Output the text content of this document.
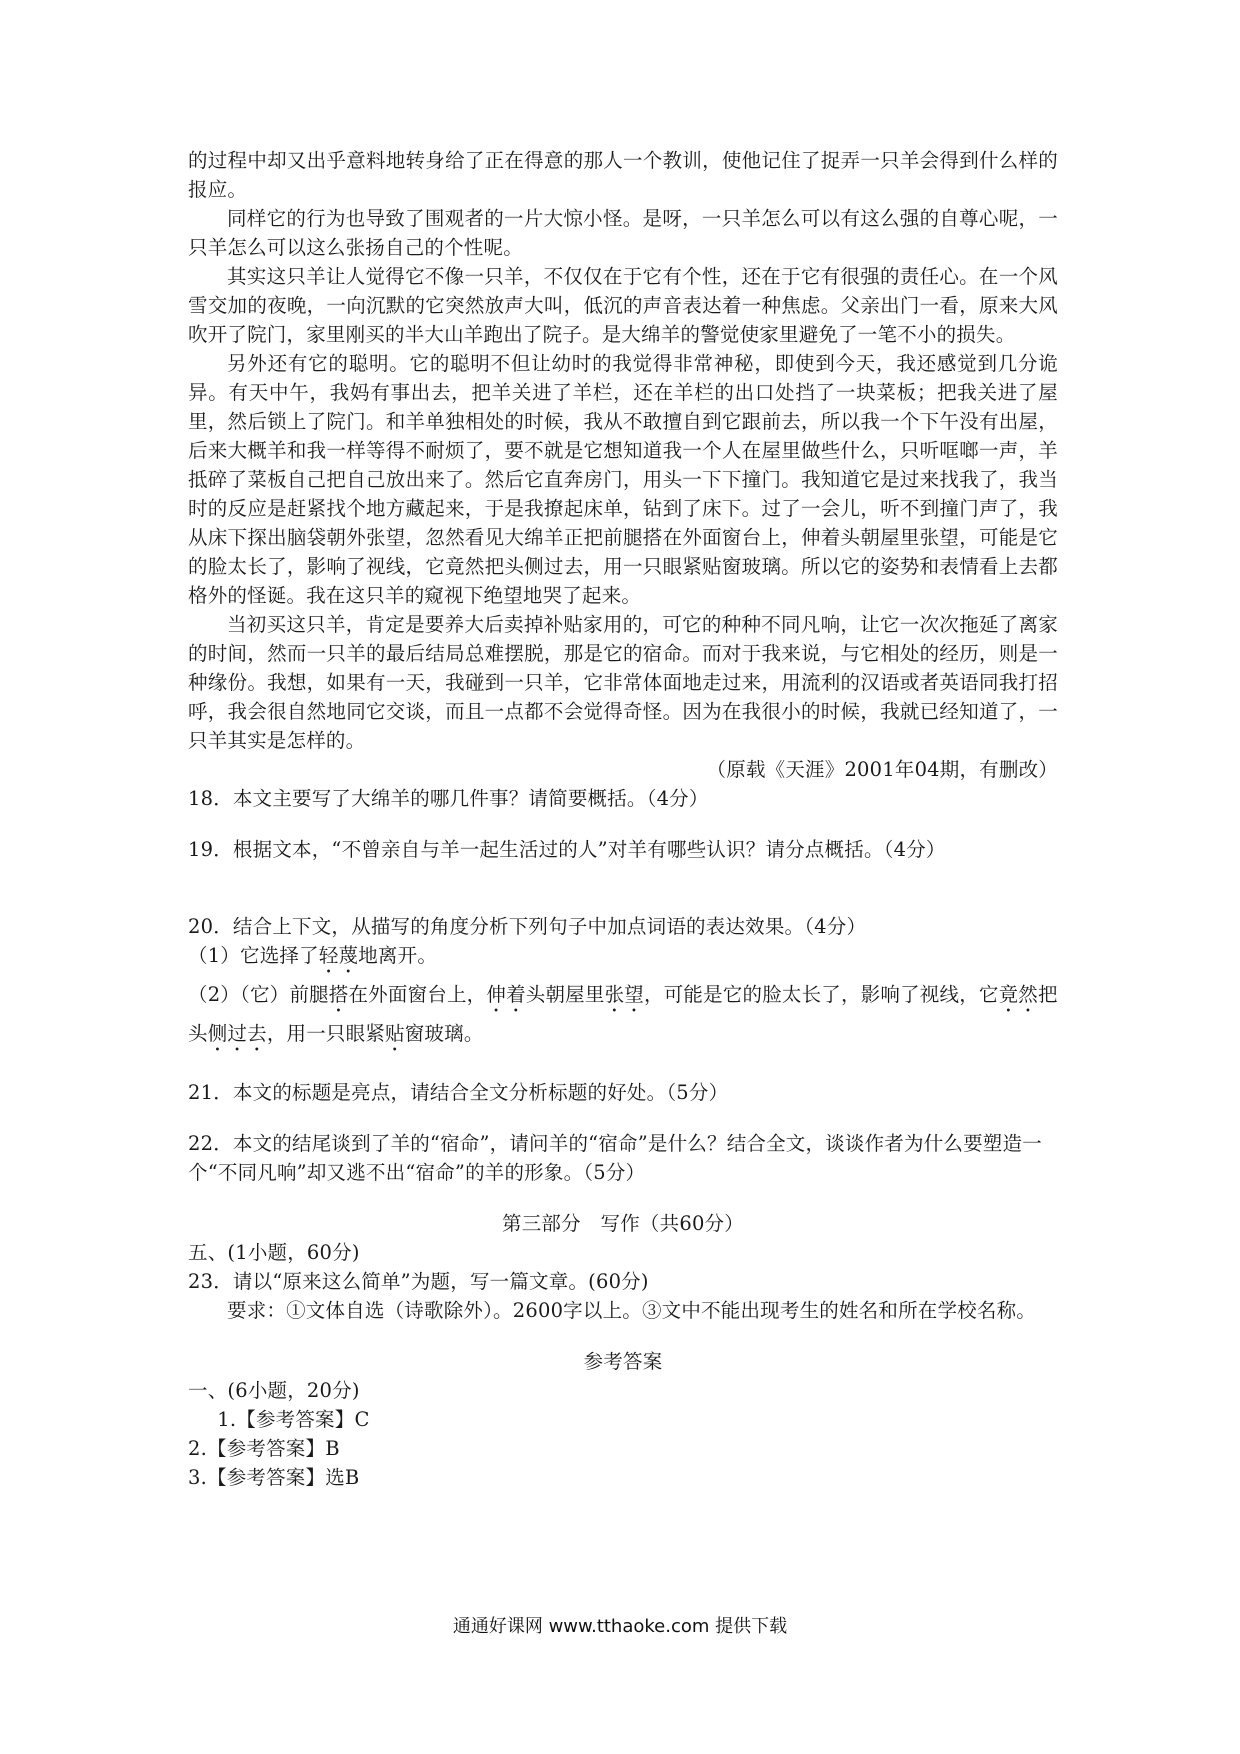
的过程中却又出乎意料地转身给了正在得意的那人一个教训，使他记住了捉弄一只羊会得到什么样的报应。

同样它的行为也导致了围观者的一片大惊小怪。是呀，一只羊怎么可以有这么强的自尊心呢，一只羊怎么可以这么张扬自己的个性呢。

其实这只羊让人觉得它不像一只羊，不仅仅在于它有个性，还在于它有很强的责任心。在一个风雪交加的夜晚，一向沉默的它突然放声大叫，低沉的声音表达着一种焦虑。父亲出门一看，原来大风吹开了院门，家里刚买的半大山羊跑出了院子。是大绵羊的警觉使家里避免了一笔不小的损失。

另外还有它的聪明。它的聪明不但让幼时的我觉得非常神秘，即使到今天，我还感觉到几分诡异。有天中午，我妈有事出去，把羊关进了羊栏，还在羊栏的出口处挡了一块菜板；把我关进了屋里，然后锁上了院门。和羊单独相处的时候，我从不敢擅自到它跟前去，所以我一个下午没有出屋，后来大概羊和我一样等得不耐烦了，要不就是它想知道我一个人在屋里做些什么，只听哐啷一声，羊抵碎了菜板自己把自己放出来了。然后它直奔房门，用头一下下撞门。我知道它是过来找我了，我当时的反应是赶紧找个地方藏起来，于是我撩起床单，钻到了床下。过了一会儿，听不到撞门声了，我从床下探出脑袋朝外张望，忽然看见大绵羊正把前腿搭在外面窗台上，伸着头朝屋里张望，可能是它的脸太长了，影响了视线，它竟然把头侧过去，用一只眼紧贴窗玻璃。所以它的姿势和表情看上去都格外的怪诞。我在这只羊的窥视下绝望地哭了起来。

当初买这只羊，肯定是要养大后卖掉补贴家用的，可它的种种不同凡响，让它一次次拖延了离家的时间，然而一只羊的最后结局总难摆脱，那是它的宿命。而对于我来说，与它相处的经历，则是一种缘份。我想，如果有一天，我碰到一只羊，它非常体面地走过来，用流利的汉语或者英语同我打招呼，我会很自然地同它交谈，而且一点都不会觉得奇怪。因为在我很小的时候，我就已经知道了，一只羊其实是怎样的。

（原载《天涯》2001年04期，有删改）

18．本文主要写了大绵羊的哪几件事？请简要概括。（4分）

19．根据文本，“不曾亲自与羊一起生活过的人”对羊有哪些认识？请分点概括。（4分）

20．结合上下文，从描写的角度分析下列句子中加点词语的表达效果。（4分）

（1）它选择了轻蔑地离开。

（2）（它）前腿搭在外面窗台上，伸着头朝屋里张望，可能是它的脸太长了，影响了视线，它竟然把头侧过去，用一只眼紧贴窗玻璃。

21．本文的标题是亮点，请结合全文分析标题的好处。（5分）

22．本文的结尾谈到了羊的“宿命”，请问羊的“宿命”是什么？结合全文，谈谈作者为什么要塑造一个“不同凡响”却又逃不出“宿命”的羊的形象。（5分）

第三部分　写作（共60分）

五、(1小题，60分)

23．请以“原来这么简单”为题，写一篇文章。(60分)

要求：①文体自选（诗歌除外）。2600字以上。③文中不能出现考生的姓名和所在学校名称。

参考答案

一、(6小题，20分)

1.【参考答案】C

2.【参考答案】B

3.【参考答案】选B

通通好课网 www.tthaoke.com 提供下载
